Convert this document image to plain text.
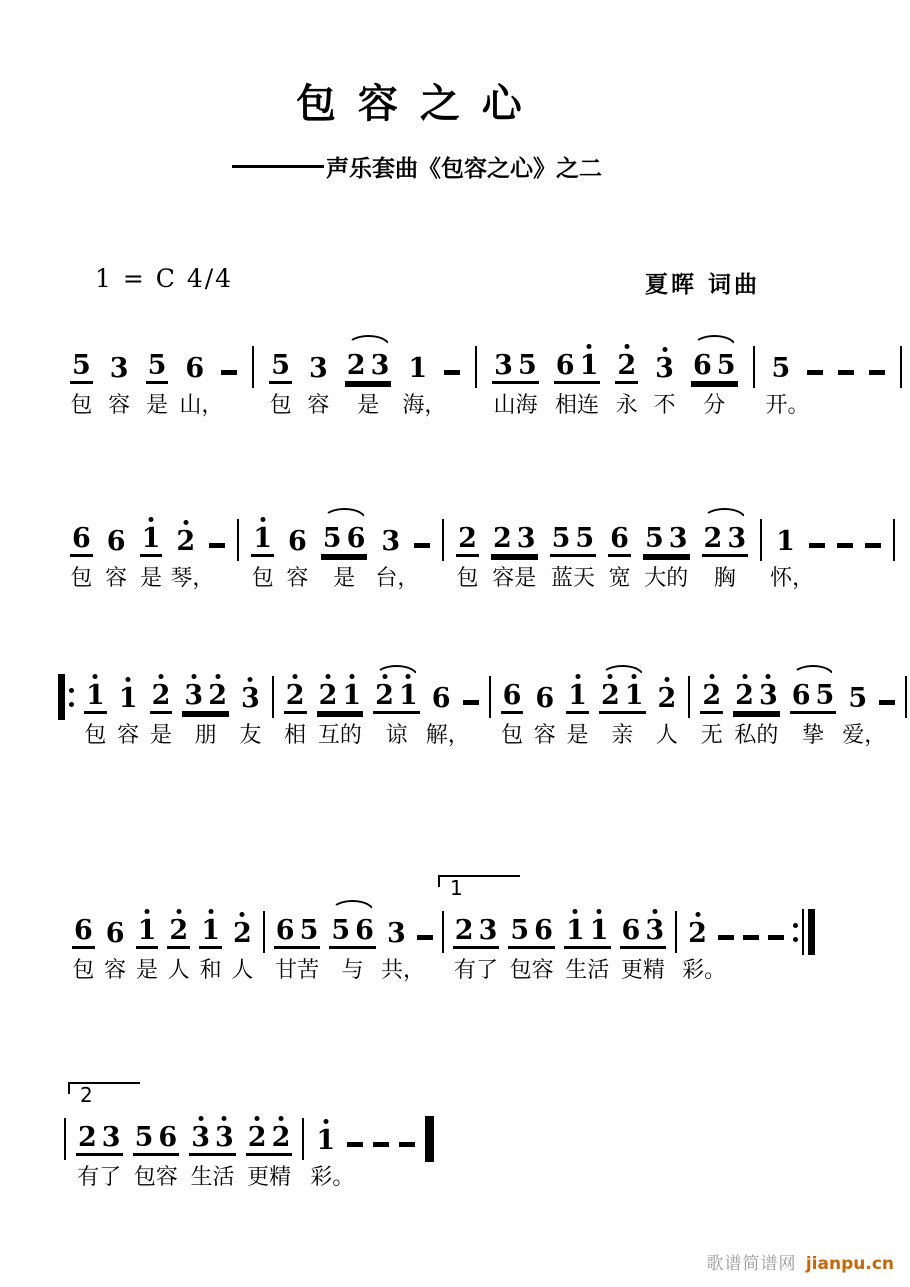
包 容 之 心
声乐套曲《包容之心》之二
1 = C 4/4	夏晖 词曲
5
包
3
容
5
是
6
山，
5
包
3
容
2 3
是
1
海，
3 5
山海
6 1
相连
2
永
3
不
6 5
分
5
开。
6
包
6
容
1
是
2
琴，
1
包
6
容
5 6
是
3
台，
2
包
2 3
容是
5 5
蓝天
6
宽
5 3
大的
2 3
胸
1
怀，
1
包
1
容
2
是
3 2
朋
3
友
2
相
2 1
互的
2 1
谅
6
解，
6
包
6
容
1
是
2 1
亲
2
人
2
无
2 3
私的
6 5
挚
5
爱，
1
6
包
6
容
1
是
2
人
1
和
2
人
6 5
甘苦
5 6
与
3
共，
2 3
有了
5 6
包容
1 1
生活
6 3
更精
2
彩。
2
2 3
有了
5 6
包容
3 3
生活
2 2
更精
1
彩。
歌谱简谱网 jianpu.cn
